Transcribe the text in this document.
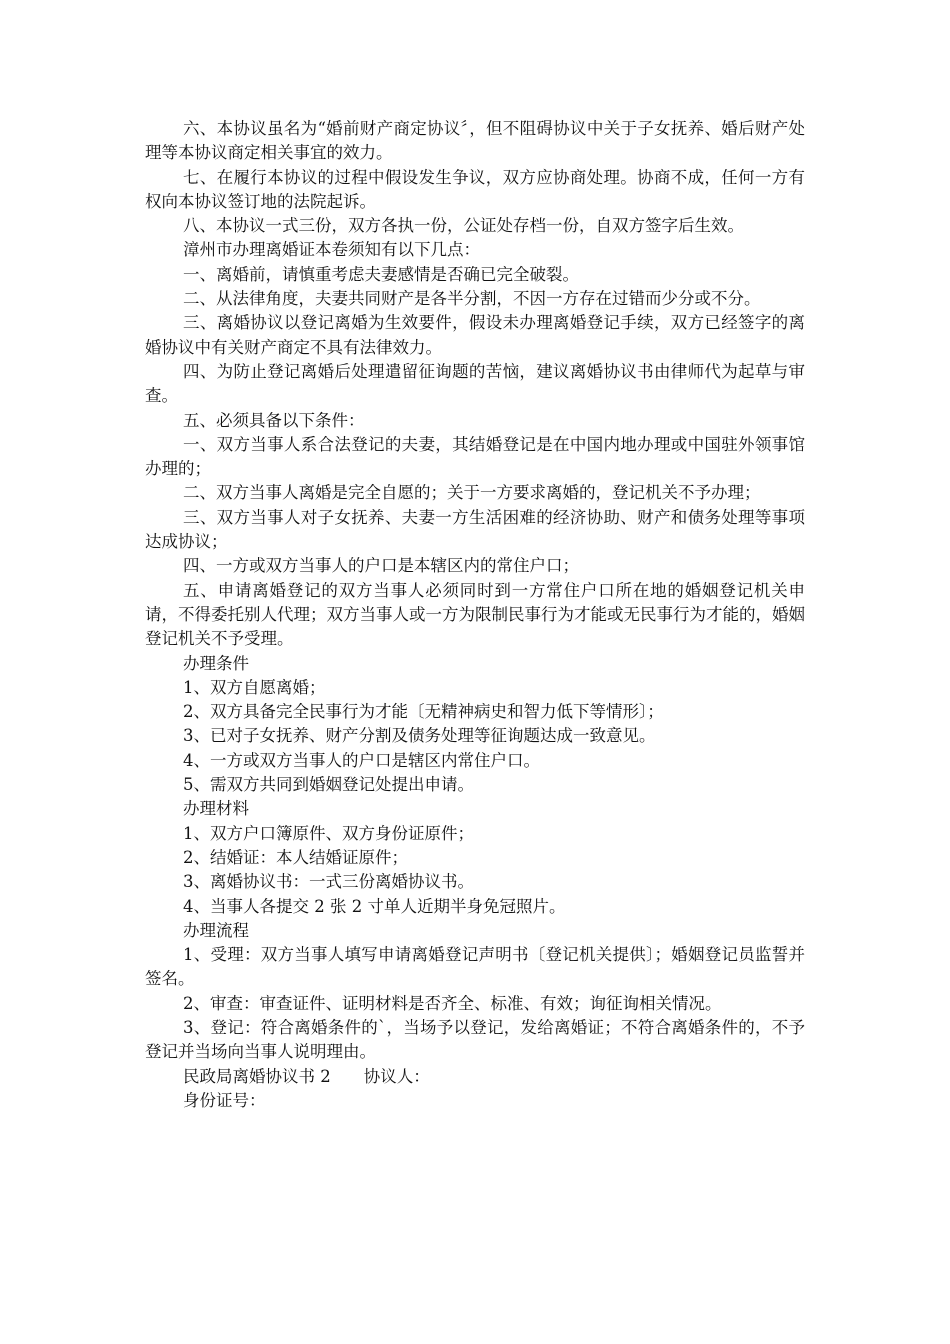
六、本协议虽名为“婚前财产商定协议〞，但不阻碍协议中关于子女抚养、婚后财产处理等本协议商定相关事宜的效力。

七、在履行本协议的过程中假设发生争议，双方应协商处理。协商不成，任何一方有权向本协议签订地的法院起诉。

八、本协议一式三份，双方各执一份，公证处存档一份，自双方签字后生效。

漳州市办理离婚证本卷须知有以下几点：

一、离婚前，请慎重考虑夫妻感情是否确已完全破裂。

二、从法律角度，夫妻共同财产是各半分割，不因一方存在过错而少分或不分。

三、离婚协议以登记离婚为生效要件，假设未办理离婚登记手续，双方已经签字的离婚协议中有关财产商定不具有法律效力。

四、为防止登记离婚后处理遣留征询题的苦恼，建议离婚协议书由律师代为起草与审查。

五、必须具备以下条件：

一、双方当事人系合法登记的夫妻，其结婚登记是在中国内地办理或中国驻外领事馆办理的；

二、双方当事人离婚是完全自愿的；关于一方要求离婚的，登记机关不予办理；

三、双方当事人对子女抚养、夫妻一方生活困难的经济协助、财产和债务处理等事项达成协议；

四、一方或双方当事人的户口是本辖区内的常住户口；

五、申请离婚登记的双方当事人必须同时到一方常住户口所在地的婚姻登记机关申请，不得委托别人代理；双方当事人或一方为限制民事行为才能或无民事行为才能的，婚姻登记机关不予受理。

办理条件

1、双方自愿离婚；

2、双方具备完全民事行为才能〔无精神病史和智力低下等情形〕；

3、已对子女抚养、财产分割及债务处理等征询题达成一致意见。

4、一方或双方当事人的户口是辖区内常住户口。

5、需双方共同到婚姻登记处提出申请。

办理材料

1、双方户口簿原件、双方身份证原件；

2、结婚证：本人结婚证原件；

3、离婚协议书：一式三份离婚协议书。

4、当事人各提交 2 张 2 寸单人近期半身免冠照片。

办理流程

1、受理：双方当事人填写申请离婚登记声明书〔登记机关提供〕；婚姻登记员监誓并签名。

2、审查：审查证件、证明材料是否齐全、标准、有效；询征询相关情况。

3、登记：符合离婚条件的`，当场予以登记，发给离婚证；不符合离婚条件的，不予登记并当场向当事人说明理由。

民政局离婚协议书 2　　协议人：

身份证号：
